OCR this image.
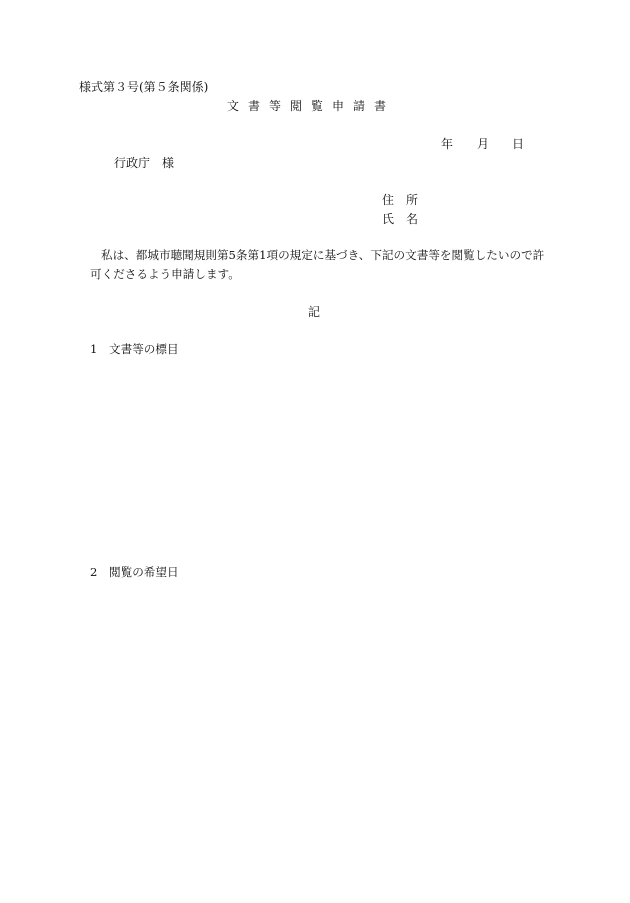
様式第３号(第５条関係)
文書等閲覧申請書
年 月 日
行政庁　様
住所
氏名
私は、都城市聴聞規則第5条第1項の規定に基づき、下記の文書等を閲覧したいので許
可くださるよう申請します。
記
1 文書等の標目
2 閲覧の希望日
